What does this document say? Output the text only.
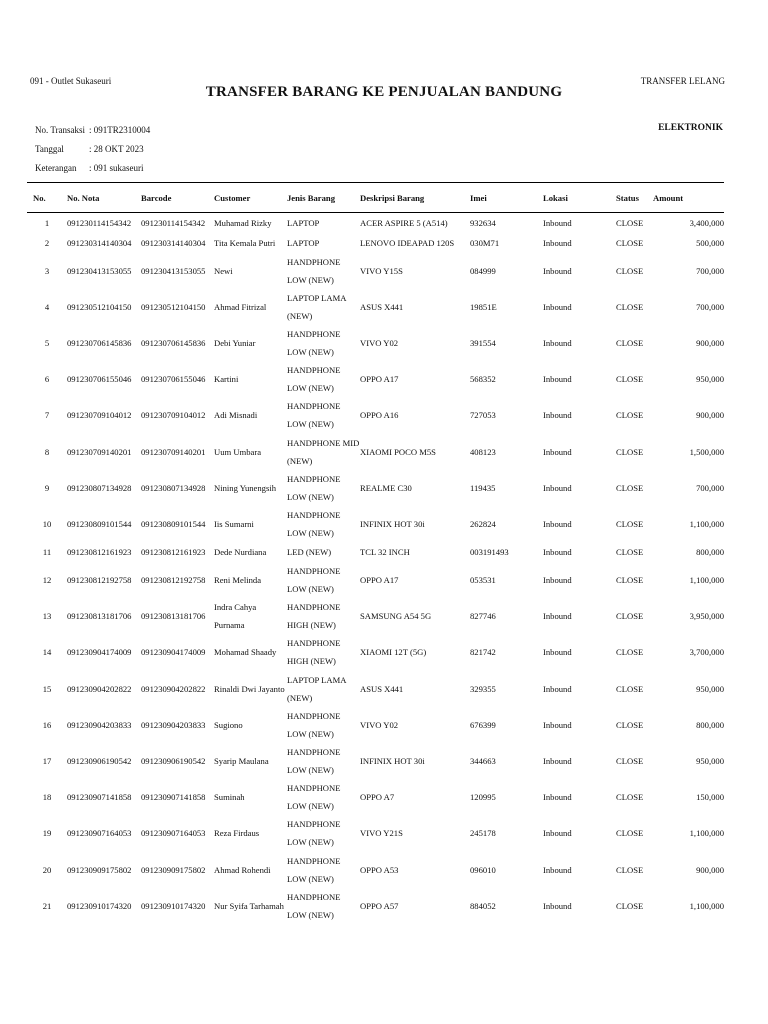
091 - Outlet Sukaseuri	TRANSFER LELANG
TRANSFER BARANG KE PENJUALAN BANDUNG
No. Transaksi : 091TR2310004
Tanggal	: 28 OKT 2023
Keterangan	: 091 sukaseuri
ELEKTRONIK
No.	No. Nota	Barcode	Customer	Jenis Barang	Deskripsi Barang	Imei	Lokasi	Status	Amount
1	091230114154342	091230114154342	Muhamad Rizky	LAPTOP	ACER ASPIRE 5 (A514)	932634	Inbound	CLOSE	3,400,000
2	091230314140304	091230314140304	Tita Kemala Putri	LAPTOP	LENOVO IDEAPAD 120S	030M71	Inbound	CLOSE	500,000
3	091230413153055	091230413153055	Newi	HANDPHONE LOW (NEW)	VIVO Y15S	084999	Inbound	CLOSE	700,000
4	091230512104150	091230512104150	Ahmad Fitrizal	LAPTOP LAMA (NEW)	ASUS X441	19851E	Inbound	CLOSE	700,000
5	091230706145836	091230706145836	Debi Yuniar	HANDPHONE LOW (NEW)	VIVO Y02	391554	Inbound	CLOSE	900,000
6	091230706155046	091230706155046	Kartini	HANDPHONE LOW (NEW)	OPPO A17	568352	Inbound	CLOSE	950,000
7	091230709104012	091230709104012	Adi Misnadi	HANDPHONE LOW (NEW)	OPPO A16	727053	Inbound	CLOSE	900,000
8	091230709140201	091230709140201	Uum Umbara	HANDPHONE MID (NEW)	XIAOMI POCO M5S	408123	Inbound	CLOSE	1,500,000
9	091230807134928	091230807134928	Nining Yunengsih	HANDPHONE LOW (NEW)	REALME C30	119435	Inbound	CLOSE	700,000
10	091230809101544	091230809101544	Iis Sumarni	HANDPHONE LOW (NEW)	INFINIX HOT 30i	262824	Inbound	CLOSE	1,100,000
11	091230812161923	091230812161923	Dede Nurdiana	LED (NEW)	TCL 32 INCH	003191493	Inbound	CLOSE	800,000
12	091230812192758	091230812192758	Reni Melinda	HANDPHONE LOW (NEW)	OPPO A17	053531	Inbound	CLOSE	1,100,000
13	091230813181706	091230813181706	Indra Cahya Purnama	HANDPHONE HIGH (NEW)	SAMSUNG A54 5G	827746	Inbound	CLOSE	3,950,000
14	091230904174009	091230904174009	Mohamad Shaady	HANDPHONE HIGH (NEW)	XIAOMI 12T (5G)	821742	Inbound	CLOSE	3,700,000
15	091230904202822	091230904202822	Rinaldi Dwi Jayanto	LAPTOP LAMA (NEW)	ASUS X441	329355	Inbound	CLOSE	950,000
16	091230904203833	091230904203833	Sugiono	HANDPHONE LOW (NEW)	VIVO Y02	676399	Inbound	CLOSE	800,000
17	091230906190542	091230906190542	Syarip Maulana	HANDPHONE LOW (NEW)	INFINIX HOT 30i	344663	Inbound	CLOSE	950,000
18	091230907141858	091230907141858	Suminah	HANDPHONE LOW (NEW)	OPPO A7	120995	Inbound	CLOSE	150,000
19	091230907164053	091230907164053	Reza Firdaus	HANDPHONE LOW (NEW)	VIVO Y21S	245178	Inbound	CLOSE	1,100,000
20	091230909175802	091230909175802	Ahmad Rohendi	HANDPHONE LOW (NEW)	OPPO A53	096010	Inbound	CLOSE	900,000
21	091230910174320	091230910174320	Nur Syifa Tarhamah	HANDPHONE LOW (NEW)	OPPO A57	884052	Inbound	CLOSE	1,100,000
